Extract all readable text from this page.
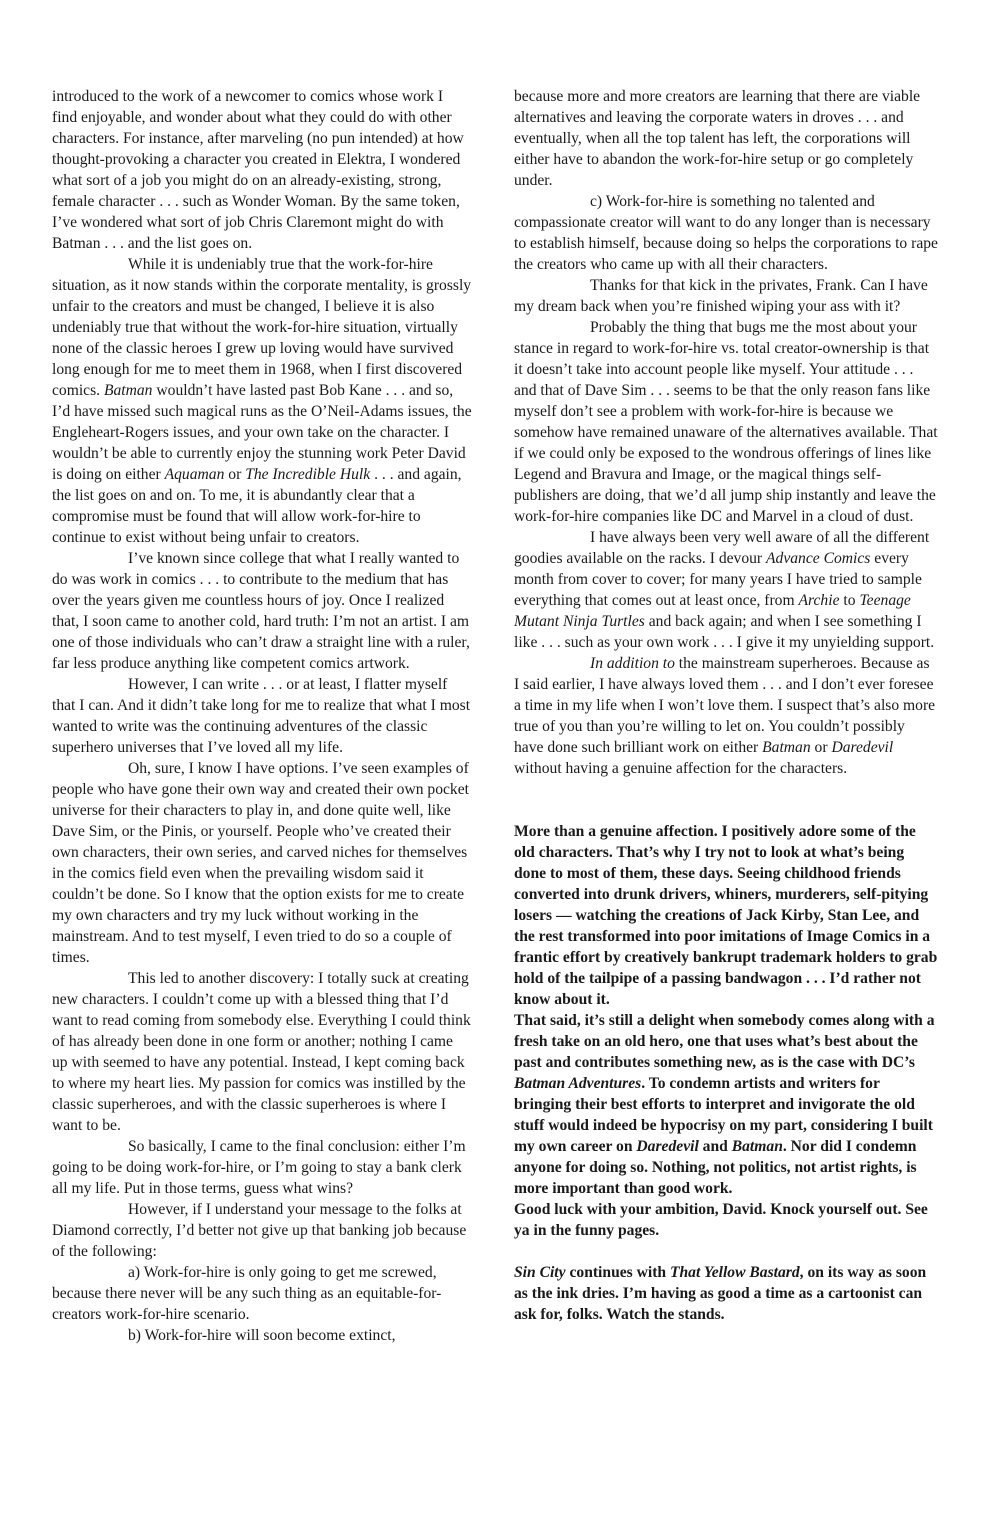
introduced to the work of a newcomer to comics whose work I find enjoyable, and wonder about what they could do with other characters. For instance, after marveling (no pun intended) at how thought-provoking a character you created in Elektra, I wondered what sort of a job you might do on an already-existing, strong, female character . . . such as Wonder Woman. By the same token, I’ve wondered what sort of job Chris Claremont might do with Batman . . . and the list goes on.

While it is undeniably true that the work-for-hire situation, as it now stands within the corporate mentality, is grossly unfair to the creators and must be changed, I believe it is also undeniably true that without the work-for-hire situation, virtually none of the classic heroes I grew up loving would have survived long enough for me to meet them in 1968, when I first discovered comics. Batman wouldn’t have lasted past Bob Kane . . . and so, I’d have missed such magical runs as the O’Neil-Adams issues, the Engleheart-Rogers issues, and your own take on the character. I wouldn’t be able to currently enjoy the stunning work Peter David is doing on either Aquaman or The Incredible Hulk . . . and again, the list goes on and on. To me, it is abundantly clear that a compromise must be found that will allow work-for-hire to continue to exist without being unfair to creators.

I’ve known since college that what I really wanted to do was work in comics . . . to contribute to the medium that has over the years given me countless hours of joy. Once I realized that, I soon came to another cold, hard truth: I’m not an artist. I am one of those individuals who can’t draw a straight line with a ruler, far less produce anything like competent comics artwork.

However, I can write . . . or at least, I flatter myself that I can. And it didn’t take long for me to realize that what I most wanted to write was the continuing adventures of the classic superhero universes that I’ve loved all my life.

Oh, sure, I know I have options. I’ve seen examples of people who have gone their own way and created their own pocket universe for their characters to play in, and done quite well, like Dave Sim, or the Pinis, or yourself. People who’ve created their own characters, their own series, and carved niches for themselves in the comics field even when the prevailing wisdom said it couldn’t be done. So I know that the option exists for me to create my own characters and try my luck without working in the mainstream. And to test myself, I even tried to do so a couple of times.

This led to another discovery: I totally suck at creating new characters. I couldn’t come up with a blessed thing that I’d want to read coming from somebody else. Everything I could think of has already been done in one form or another; nothing I came up with seemed to have any potential. Instead, I kept coming back to where my heart lies. My passion for comics was instilled by the classic superheroes, and with the classic superheroes is where I want to be.

So basically, I came to the final conclusion: either I’m going to be doing work-for-hire, or I’m going to stay a bank clerk all my life. Put in those terms, guess what wins?

However, if I understand your message to the folks at Diamond correctly, I’d better not give up that banking job because of the following:

a) Work-for-hire is only going to get me screwed, because there never will be any such thing as an equitable-for-creators work-for-hire scenario.

b) Work-for-hire will soon become extinct,

because more and more creators are learning that there are viable alternatives and leaving the corporate waters in droves . . . and eventually, when all the top talent has left, the corporations will either have to abandon the work-for-hire setup or go completely under.

c) Work-for-hire is something no talented and compassionate creator will want to do any longer than is necessary to establish himself, because doing so helps the corporations to rape the creators who came up with all their characters.

Thanks for that kick in the privates, Frank. Can I have my dream back when you’re finished wiping your ass with it?

Probably the thing that bugs me the most about your stance in regard to work-for-hire vs. total creator-ownership is that it doesn’t take into account people like myself. Your attitude . . . and that of Dave Sim . . . seems to be that the only reason fans like myself don’t see a problem with work-for-hire is because we somehow have remained unaware of the alternatives available. That if we could only be exposed to the wondrous offerings of lines like Legend and Bravura and Image, or the magical things self-publishers are doing, that we’d all jump ship instantly and leave the work-for-hire companies like DC and Marvel in a cloud of dust.

I have always been very well aware of all the different goodies available on the racks. I devour Advance Comics every month from cover to cover; for many years I have tried to sample everything that comes out at least once, from Archie to Teenage Mutant Ninja Turtles and back again; and when I see something I like . . . such as your own work . . . I give it my unyielding support.

In addition to the mainstream superheroes. Because as I said earlier, I have always loved them . . . and I don’t ever foresee a time in my life when I won’t love them. I suspect that’s also more true of you than you’re willing to let on. You couldn’t possibly have done such brilliant work on either Batman or Daredevil without having a genuine affection for the characters.

More than a genuine affection. I positively adore some of the old characters. That’s why I try not to look at what’s being done to most of them, these days. Seeing childhood friends converted into drunk drivers, whiners, murderers, self-pitying losers — watching the creations of Jack Kirby, Stan Lee, and the rest transformed into poor imitations of Image Comics in a frantic effort by creatively bankrupt trademark holders to grab hold of the tailpipe of a passing bandwagon . . . I’d rather not know about it.

That said, it’s still a delight when somebody comes along with a fresh take on an old hero, one that uses what’s best about the past and contributes something new, as is the case with DC’s Batman Adventures. To condemn artists and writers for bringing their best efforts to interpret and invigorate the old stuff would indeed be hypocrisy on my part, considering I built my own career on Daredevil and Batman. Nor did I condemn anyone for doing so. Nothing, not politics, not artist rights, is more important than good work.

Good luck with your ambition, David. Knock yourself out. See ya in the funny pages.

Sin City continues with That Yellow Bastard, on its way as soon as the ink dries. I’m having as good a time as a cartoonist can ask for, folks. Watch the stands.
